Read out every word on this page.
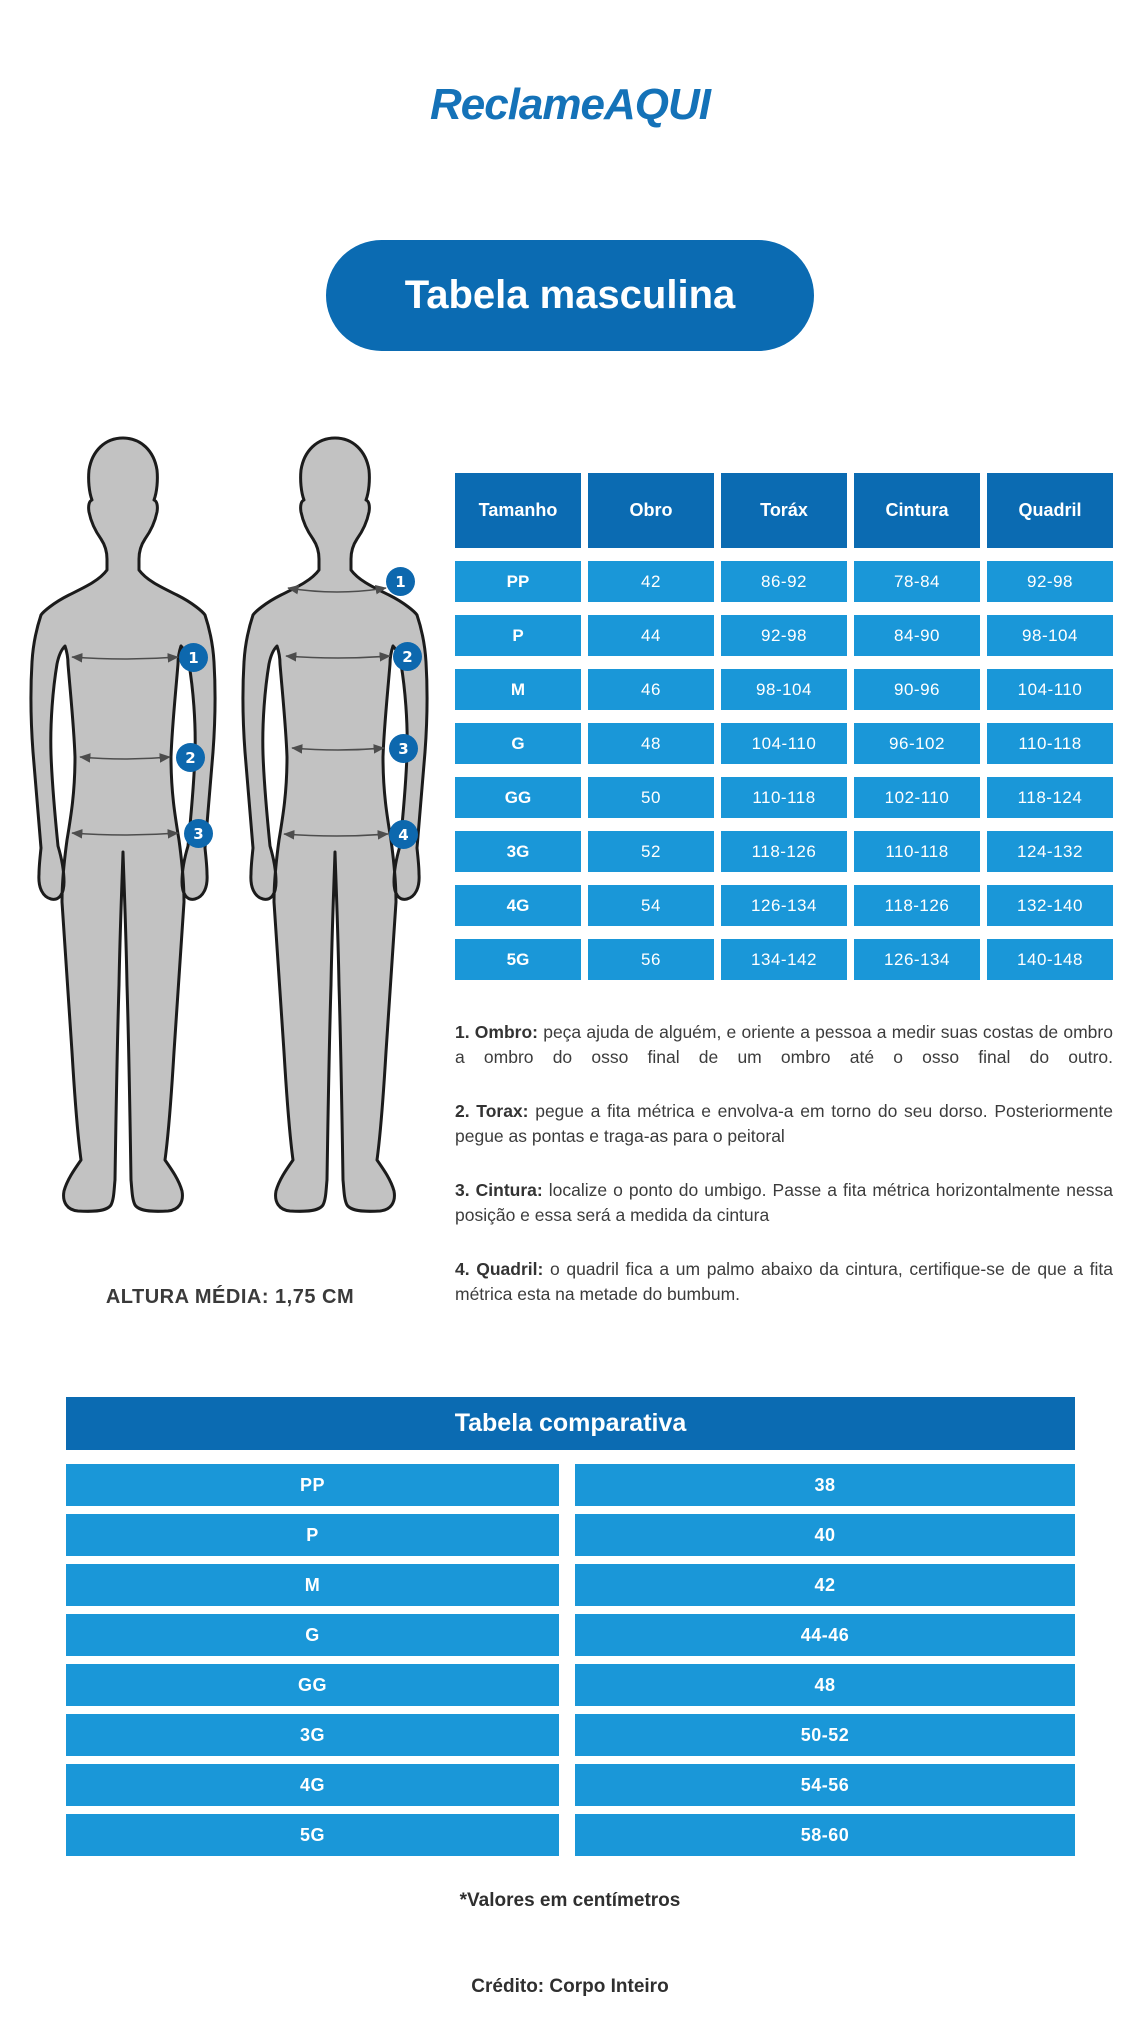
ReclameAQUI
Tabela masculina
1
2
3
1
2
3
4
ALTURA MÉDIA: 1,75 CM
Tamanho	Obro	Toráx	Cintura	Quadril
PP	42	86-92	78-84	92-98
P	44	92-98	84-90	98-104
M	46	98-104	90-96	104-110
G	48	104-110	96-102	110-118
GG	50	110-118	102-110	118-124
3G	52	118-126	110-118	124-132
4G	54	126-134	118-126	132-140
5G	56	134-142	126-134	140-148

1. Ombro: peça ajuda de alguém, e oriente a pessoa a medir suas costas de ombro a ombro do osso final de um ombro até o osso final do outro.

2. Torax: pegue a fita métrica e envolva-a em torno do seu dorso. Posteriormente pegue as pontas e traga-as para o peitoral

3. Cintura: localize o ponto do umbigo. Passe a fita métrica horizontalmente nessa posição e essa será a medida da cintura

4. Quadril: o quadril fica a um palmo abaixo da cintura, certifique-se de que a fita métrica esta na metade do bumbum.

Tabela comparativa
PP	38
P	40
M	42
G	44-46
GG	48
3G	50-52
4G	54-56
5G	58-60
*Valores em centímetros
Crédito: Corpo Inteiro
